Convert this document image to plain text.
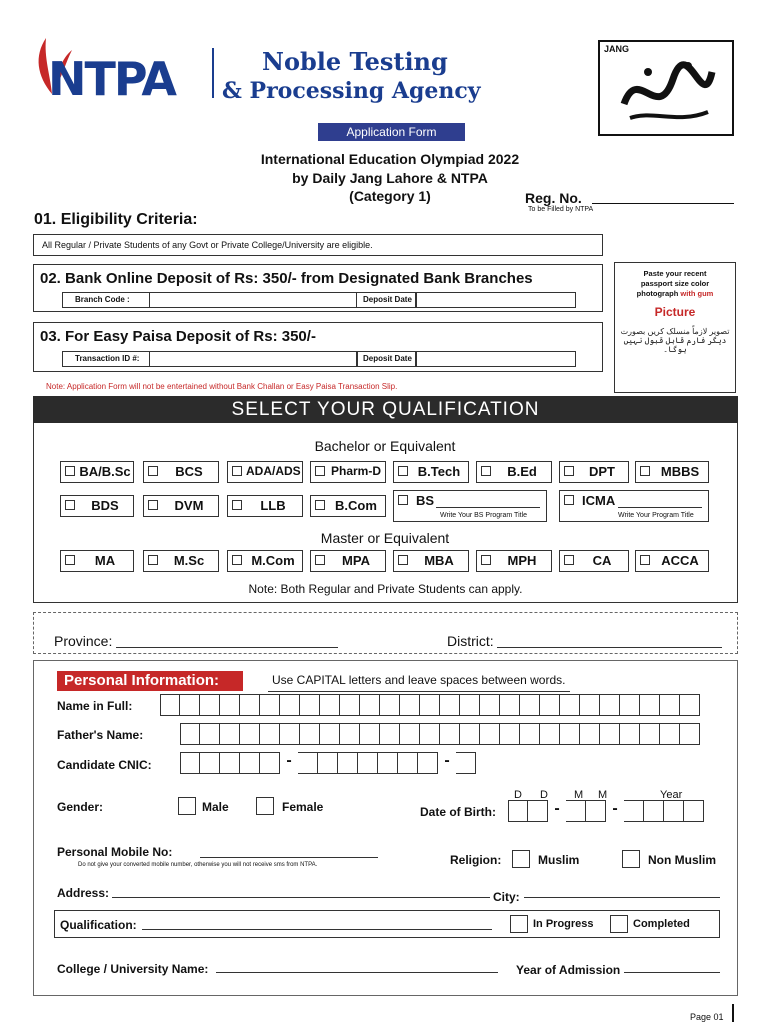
NTPA	Noble Testing
& Processing Agency
JANG
Application Form
International Education Olympiad 2022
by Daily Jang Lahore & NTPA
(Category 1)	Reg. No.
To be Filled by NTPA
01. Eligibility Criteria:
All Regular / Private Students of any Govt or Private College/University are eligible.
02. Bank Online Deposit of Rs: 350/- from Designated Bank Branches
Branch Code :	Deposit Date
03. For Easy Paisa Deposit of Rs: 350/-
Transaction ID #:	Deposit Date
Paste your recent
passport size color
photograph with gum
Picture
تصویر لازماً منسلک کریں بصورت
دیگر فارم قابل قبول نہیں ہوگا۔
Note: Application Form will not be entertained without Bank Challan or Easy Paisa Transaction Slip.
SELECT YOUR QUALIFICATION
Bachelor or Equivalent
BA/B.Sc	BCS	ADA/ADS	Pharm-D	B.Tech	B.Ed	DPT	MBBS
BDS	DVM	LLB	B.Com	BS
Write Your BS Program Title
ICMA
Write Your Program Title
Master or Equivalent
MA	M.Sc	M.Com	MPA	MBA	MPH	CA	ACCA
Note: Both Regular and Private Students can apply.
Province:	District:
Personal Information:	Use CAPITAL letters and leave spaces between words.
Name in Full:
Father's Name:
Candidate CNIC:	-	-
Gender:	Male	Female
D D M M	Year
Date of Birth:	-	-
Personal Mobile No:
Do not give your converted mobile number, otherwise you will not receive sms from NTPA.	Religion:	Muslim	Non Muslim
Address:	City:
Qualification:	In Progress	Completed
College / University Name:	Year of Admission
Page 01
